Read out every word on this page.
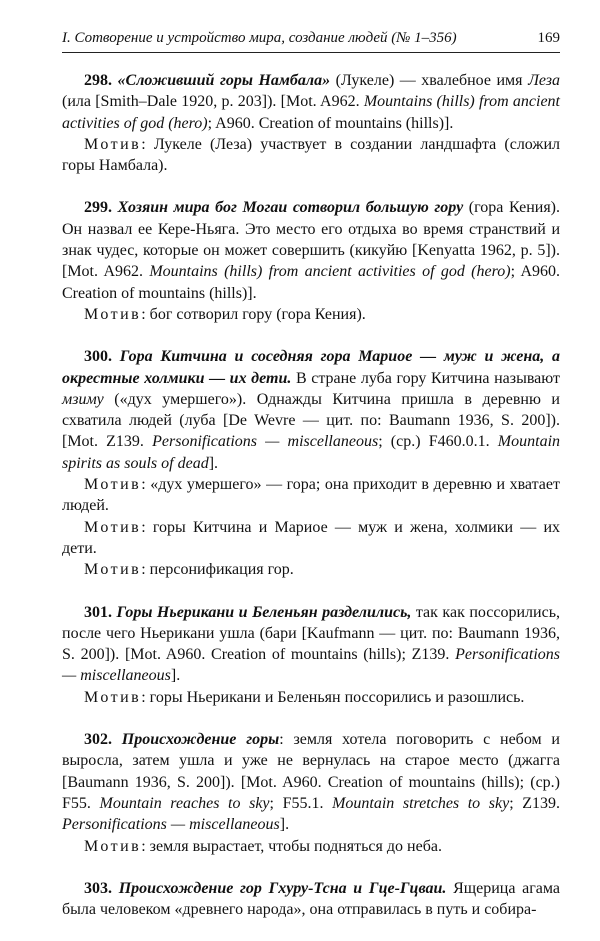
I. Сотворение и устройство мира, создание людей (№ 1–356)	169

298. «Сложивший горы Намбала» (Лукеле) — хвалебное имя Леза (ила [Smith–Dale 1920, p. 203]). [Mot. A962. Mountains (hills) from ancient activities of god (hero); A960. Creation of mountains (hills)].

Мотив: Лукеле (Леза) участвует в создании ландшафта (сложил горы Намбала).

299. Хозяин мира бог Могаи сотворил большую гору (гора Кения). Он назвал ее Кере-Ньяга. Это место его отдыха во время странствий и знак чудес, которые он может совершить (кикуйю [Kenyatta 1962, p. 5]). [Mot. A962. Mountains (hills) from ancient activities of god (hero); A960. Creation of mountains (hills)].

Мотив: бог сотворил гору (гора Кения).

300. Гора Китчина и соседняя гора Мариое — муж и жена, а окрестные холмики — их дети. В стране луба гору Китчина называют мзиму («дух умершего»). Однажды Китчина пришла в деревню и схватила людей (луба [De Wevre — цит. по: Baumann 1936, S. 200]). [Mot. Z139. Personifications — miscellaneous; (ср.) F460.0.1. Mountain spirits as souls of dead].

Мотив: «дух умершего» — гора; она приходит в деревню и хватает людей.

Мотив: горы Китчина и Мариое — муж и жена, холмики — их дети.

Мотив: персонификация гор.

301. Горы Ньерикани и Беленьян разделились, так как поссорились, после чего Ньерикани ушла (бари [Kaufmann — цит. по: Baumann 1936, S. 200]). [Mot. A960. Creation of mountains (hills); Z139. Personifications — miscellaneous].

Мотив: горы Ньерикани и Беленьян поссорились и разошлись.

302. Происхождение горы: земля хотела поговорить с небом и выросла, затем ушла и уже не вернулась на старое место (джагга [Baumann 1936, S. 200]). [Mot. A960. Creation of mountains (hills); (ср.) F55. Mountain reaches to sky; F55.1. Mountain stretches to sky; Z139. Personifications — miscellaneous].

Мотив: земля вырастает, чтобы подняться до неба.

303. Происхождение гор Гхуру-Тсна и Гце-Гцваи. Ящерица агама была человеком «древнего народа», она отправилась в путь и собира-
